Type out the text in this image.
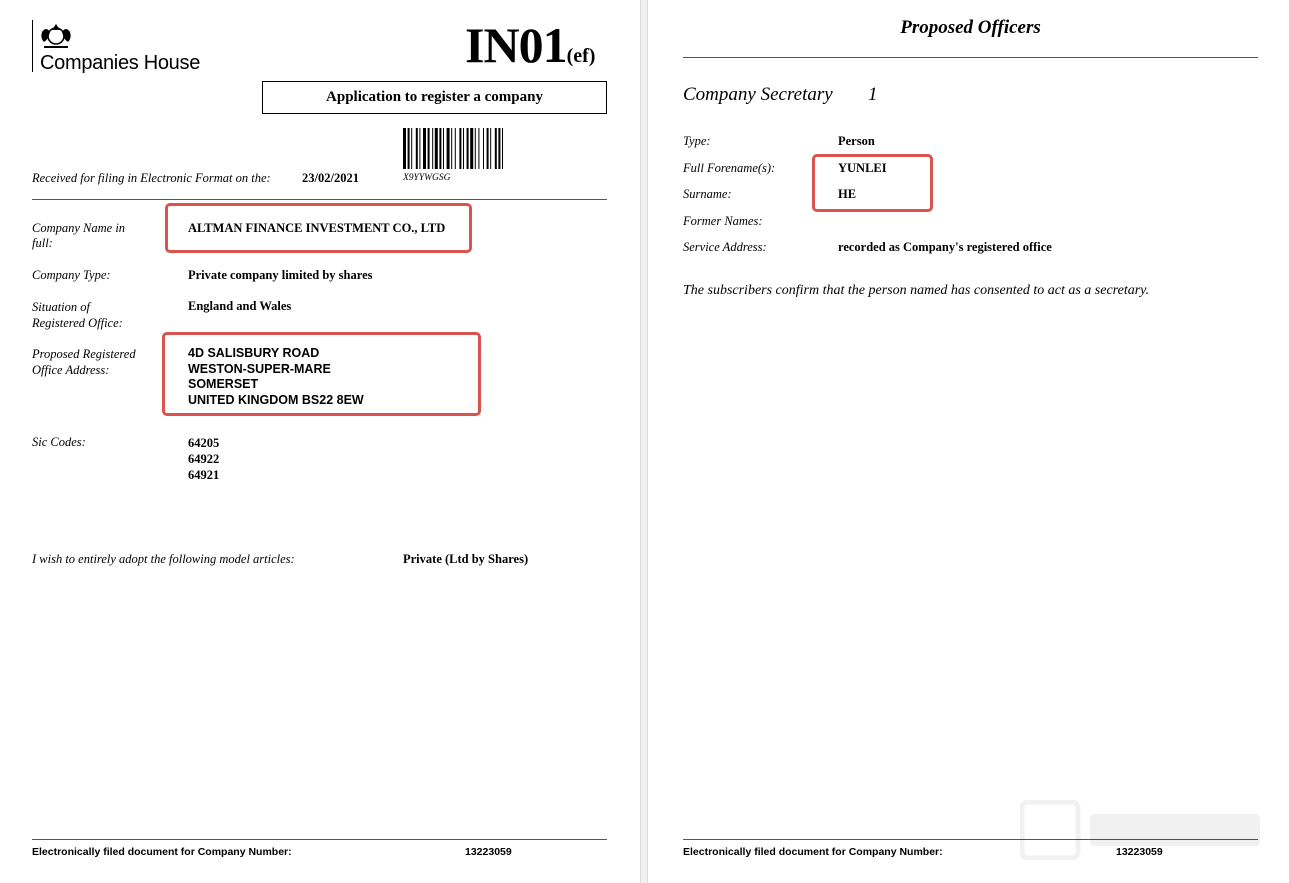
Companies House	IN01(ef)
Application to register a company
Received for filing in Electronic Format on the:	23/02/2021	X9YYWGSG
Company Name in
full:
ALTMAN FINANCE INVESTMENT CO., LTD
Company Type:	Private company limited by shares
Situation of
Registered Office:
England and Wales
Proposed Registered
Office Address:
4D SALISBURY ROAD
WESTON-SUPER-MARE
SOMERSET
UNITED KINGDOM BS22 8EW
Sic Codes:	64205
64922
64921
I wish to entirely adopt the following model articles:	Private (Ltd by Shares)
Electronically filed document for Company Number:	13223059
Proposed Officers
Company Secretary 1
Type:	Person
Full Forename(s):	YUNLEI
Surname:	HE
Former Names:
Service Address:	recorded as Company's registered office
The subscribers confirm that the person named has consented to act as a secretary.
Electronically filed document for Company Number:	13223059
